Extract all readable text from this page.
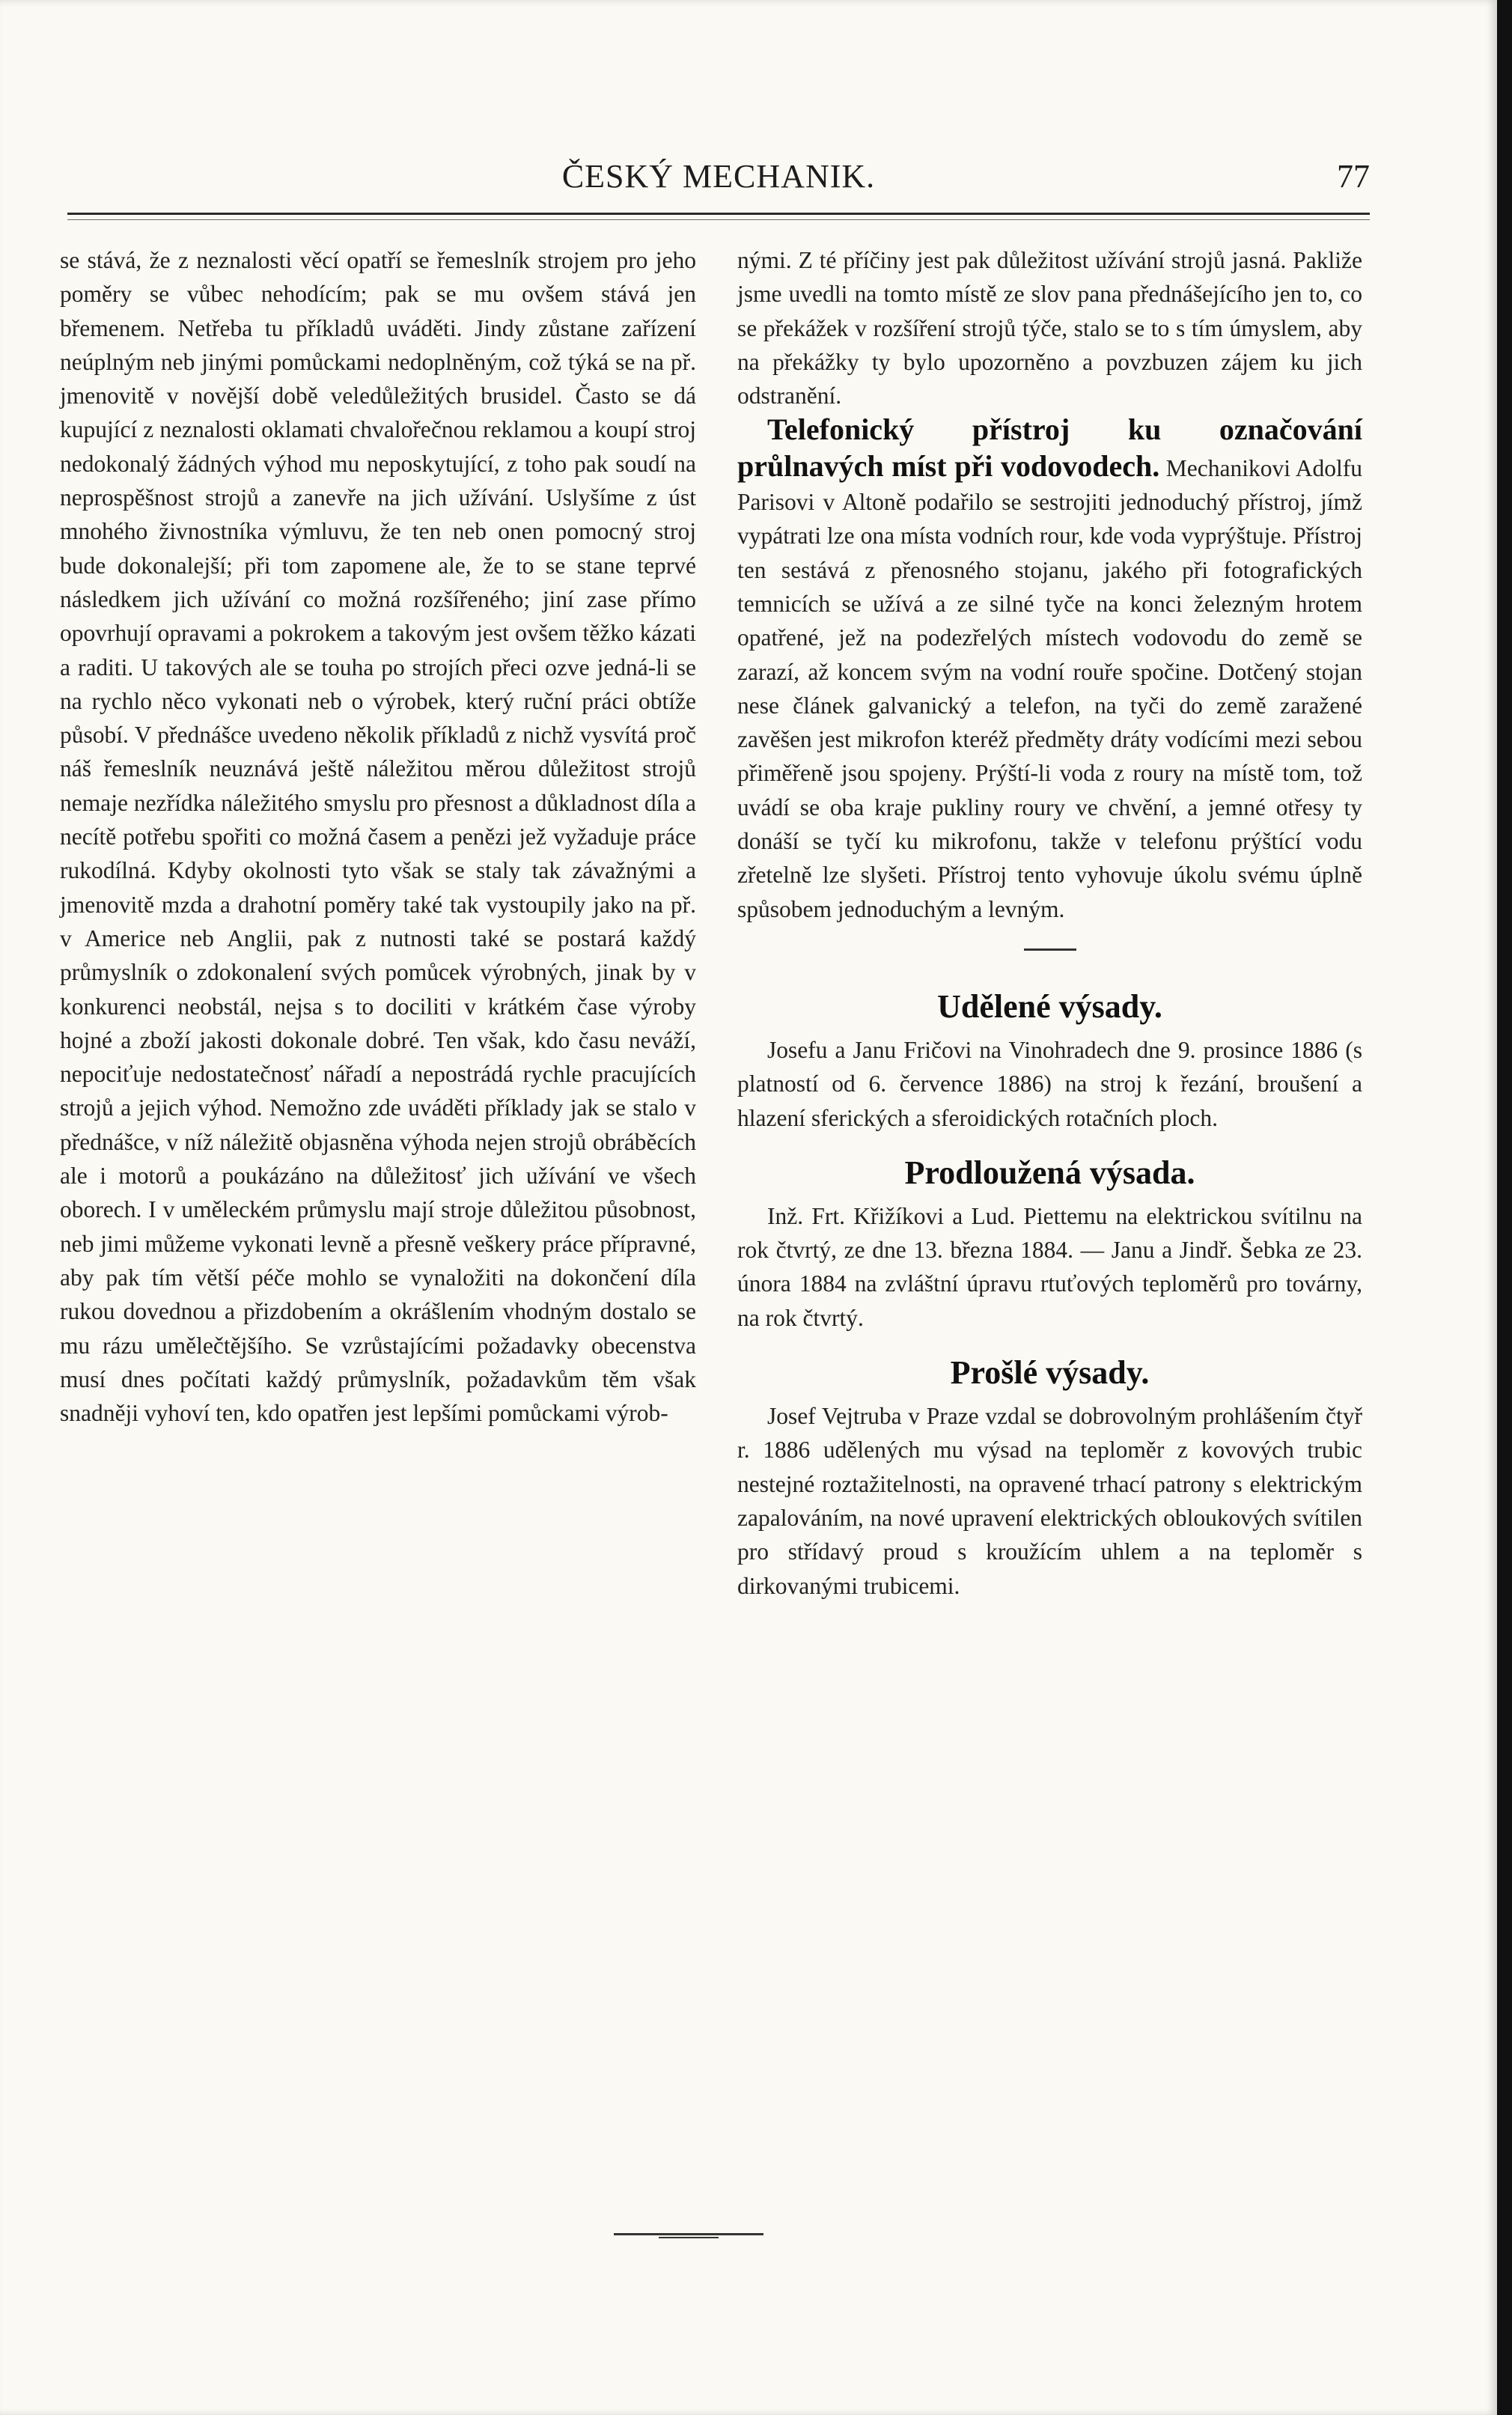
ČESKÝ MECHANIK.	77

se stává, že z neznalosti věcí opatří se řemeslník strojem pro jeho poměry se vůbec nehodícím; pak se mu ovšem stává jen břemenem. Netřeba tu příkladů uváděti. Jindy zůstane zařízení neúplným neb jinými pomůckami nedoplněným, což týká se na př. jmenovitě v novější době veledůležitých brusidel. Často se dá kupující z neznalosti oklamati chvalořečnou reklamou a koupí stroj nedokonalý žádných výhod mu neposkytující, z toho pak soudí na neprospěšnost strojů a zanevře na jich užívání. Uslyšíme z úst mnohého živnostníka výmluvu, že ten neb onen pomocný stroj bude dokonalejší; při tom zapomene ale, že to se stane teprvé následkem jich užívání co možná rozšířeného; jiní zase přímo opovrhují opravami a pokrokem a takovým jest ovšem těžko kázati a raditi. U takových ale se touha po strojích přeci ozve jedná-li se na rychlo něco vykonati neb o výrobek, který ruční práci obtíže působí. V přednášce uvedeno několik příkladů z nichž vysvítá proč náš řemeslník neuznává ještě náležitou měrou důležitost strojů nemaje nezřídka náležitého smyslu pro přesnost a důkladnost díla a necítě potřebu spořiti co možná časem a penězi jež vyžaduje práce rukodílná. Kdyby okolnosti tyto však se staly tak závažnými a jmenovitě mzda a drahotní poměry také tak vystoupily jako na př. v Americe neb Anglii, pak z nutnosti také se postará každý průmyslník o zdokonalení svých pomůcek výrobných, jinak by v konkurenci neobstál, nejsa s to dociliti v krátkém čase výroby hojné a zboží jakosti dokonale dobré. Ten však, kdo času neváží, nepociťuje nedostatečnosť nářadí a nepostrádá rychle pracujících strojů a jejich výhod. Nemožno zde uváděti příklady jak se stalo v přednášce, v níž náležitě objasněna výhoda nejen strojů obráběcích ale i motorů a poukázáno na důležitosť jich užívání ve všech oborech. I v uměleckém průmyslu mají stroje důležitou působnost, neb jimi můžeme vykonati levně a přesně veškery práce přípravné, aby pak tím větší péče mohlo se vynaložiti na dokončení díla rukou dovednou a přizdobením a okrášlením vhodným dostalo se mu rázu umělečtějšího. Se vzrůstajícími požadavky obecenstva musí dnes počítati každý průmyslník, požadavkům těm však snadněji vyhoví ten, kdo opatřen jest lepšími pomůckami výrob-

nými. Z té příčiny jest pak důležitost užívání strojů jasná. Pakliže jsme uvedli na tomto místě ze slov pana přednášejícího jen to, co se překážek v rozšíření strojů týče, stalo se to s tím úmyslem, aby na překážky ty bylo upozorněno a povzbuzen zájem ku jich odstranění.

Telefonický přístroj ku označování průlnavých míst při vodovodech. Mechanikovi Adolfu Parisovi v Altoně podařilo se sestrojiti jednoduchý přístroj, jímž vypátrati lze ona místa vodních rour, kde voda vyprýštuje. Přístroj ten sestává z přenosného stojanu, jakého při fotografických temnicích se užívá a ze silné tyče na konci železným hrotem opatřené, jež na podezřelých místech vodovodu do země se zarazí, až koncem svým na vodní rouře spočine. Dotčený stojan nese článek galvanický a telefon, na tyči do země zaražené zavěšen jest mikrofon kteréž předměty dráty vodícími mezi sebou přiměřeně jsou spojeny. Prýští-li voda z roury na místě tom, tož uvádí se oba kraje pukliny roury ve chvění, a jemné otřesy ty donáší se tyčí ku mikrofonu, takže v telefonu prýštící vodu zřetelně lze slyšeti. Přístroj tento vyhovuje úkolu svému úplně spůsobem jednoduchým a levným.

Udělené výsady.

Josefu a Janu Fričovi na Vinohradech dne 9. prosince 1886 (s platností od 6. července 1886) na stroj k řezání, broušení a hlazení sferických a sferoidických rotačních ploch.

Prodloužená výsada.

Inž. Frt. Křižíkovi a Lud. Piettemu na elektrickou svítilnu na rok čtvrtý, ze dne 13. března 1884. — Janu a Jindř. Šebka ze 23. února 1884 na zvláštní úpravu rtuťových teploměrů pro továrny, na rok čtvrtý.

Prošlé výsady.

Josef Vejtruba v Praze vzdal se dobrovolným prohlášením čtyř r. 1886 udělených mu výsad na teploměr z kovových trubic nestejné roztažitelnosti, na opravené trhací patrony s elektrickým zapalováním, na nové upravení elektrických obloukových svítilen pro střídavý proud s kroužícím uhlem a na teploměr s dirkovanými trubicemi.
